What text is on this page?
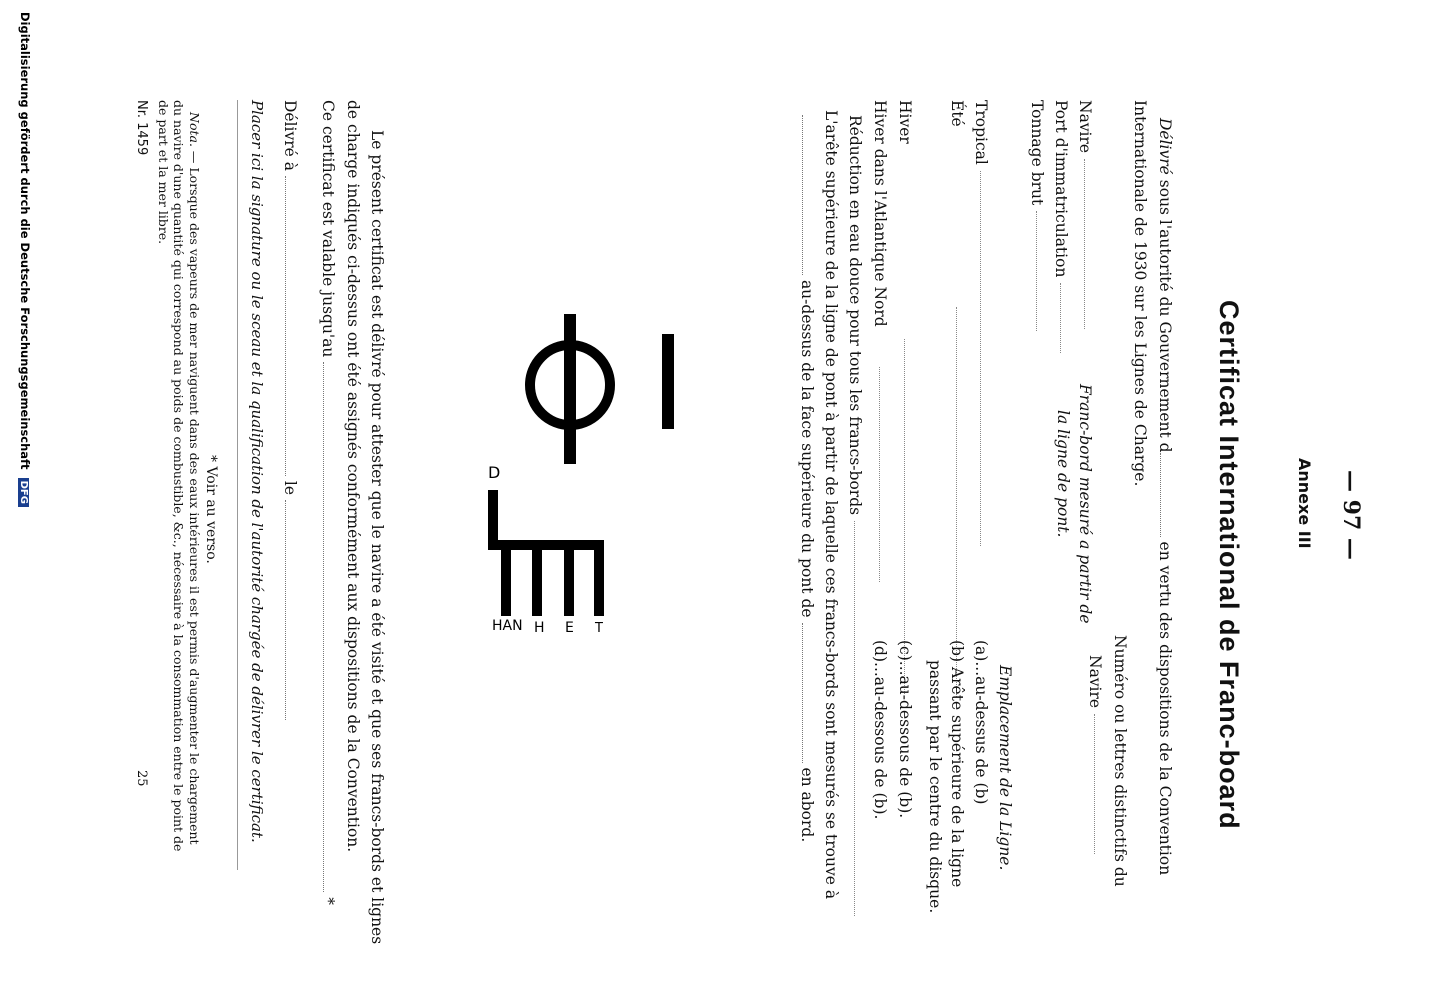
— 97 —
Annexe III
Certificat International de Franc-board
Délivré sous l'autorité du Gouvernement d en vertu des dispositions de la Convention
Internationale de 1930 sur les Lignes de Charge.
Navire
Port d'immatriculation
Tonnage brut
Numéro ou lettres distinctifs du
Navire
Franc-bord mesuré a partir de
la ligne de pont.
Emplacement de la Ligne.
Tropical
Été
Hiver
Hiver dans l'Atlantique Nord
(a)...au-dessus de (b)
(b) Arête supérieure de la ligne
passant par le centre du disque.
(c)...au-dessous de (b).
(d)...au-dessous de (b).
Réduction en eau douce pour tous les francs-bords
L'arête supérieure de la ligne de pont à partir de laquelle ces francs-bords sont mesurés se trouve à
au-dessus de la face supérieure du pont de  en abord.
D
T
E
H
HAN
Le présent certificat est délivré pour attester que le navire a été visité et que ses francs-bords et lignes
de charge indiqués ci-dessus ont été assignés conformément aux dispositions de la Convention.
Ce certificat est valable jusqu'au  *
Délivré à  le
Placer ici la signature ou le sceau et la qualification de l'autorité chargée de délivrer le certificat.
* Voir au verso.
Nota. — Lorsque des vapeurs de mer naviguent dans des eaux intérieures il est permis d'augmenter le chargement
du navire d'une quantité qui correspond au poids de combustible, &c., nécessaire à la consommation entre le point de
de part et la mer libre.
Nr. 1459
25
Digitalisierung gefördert durch die Deutsche Forschungsgemeinschaft DFG
